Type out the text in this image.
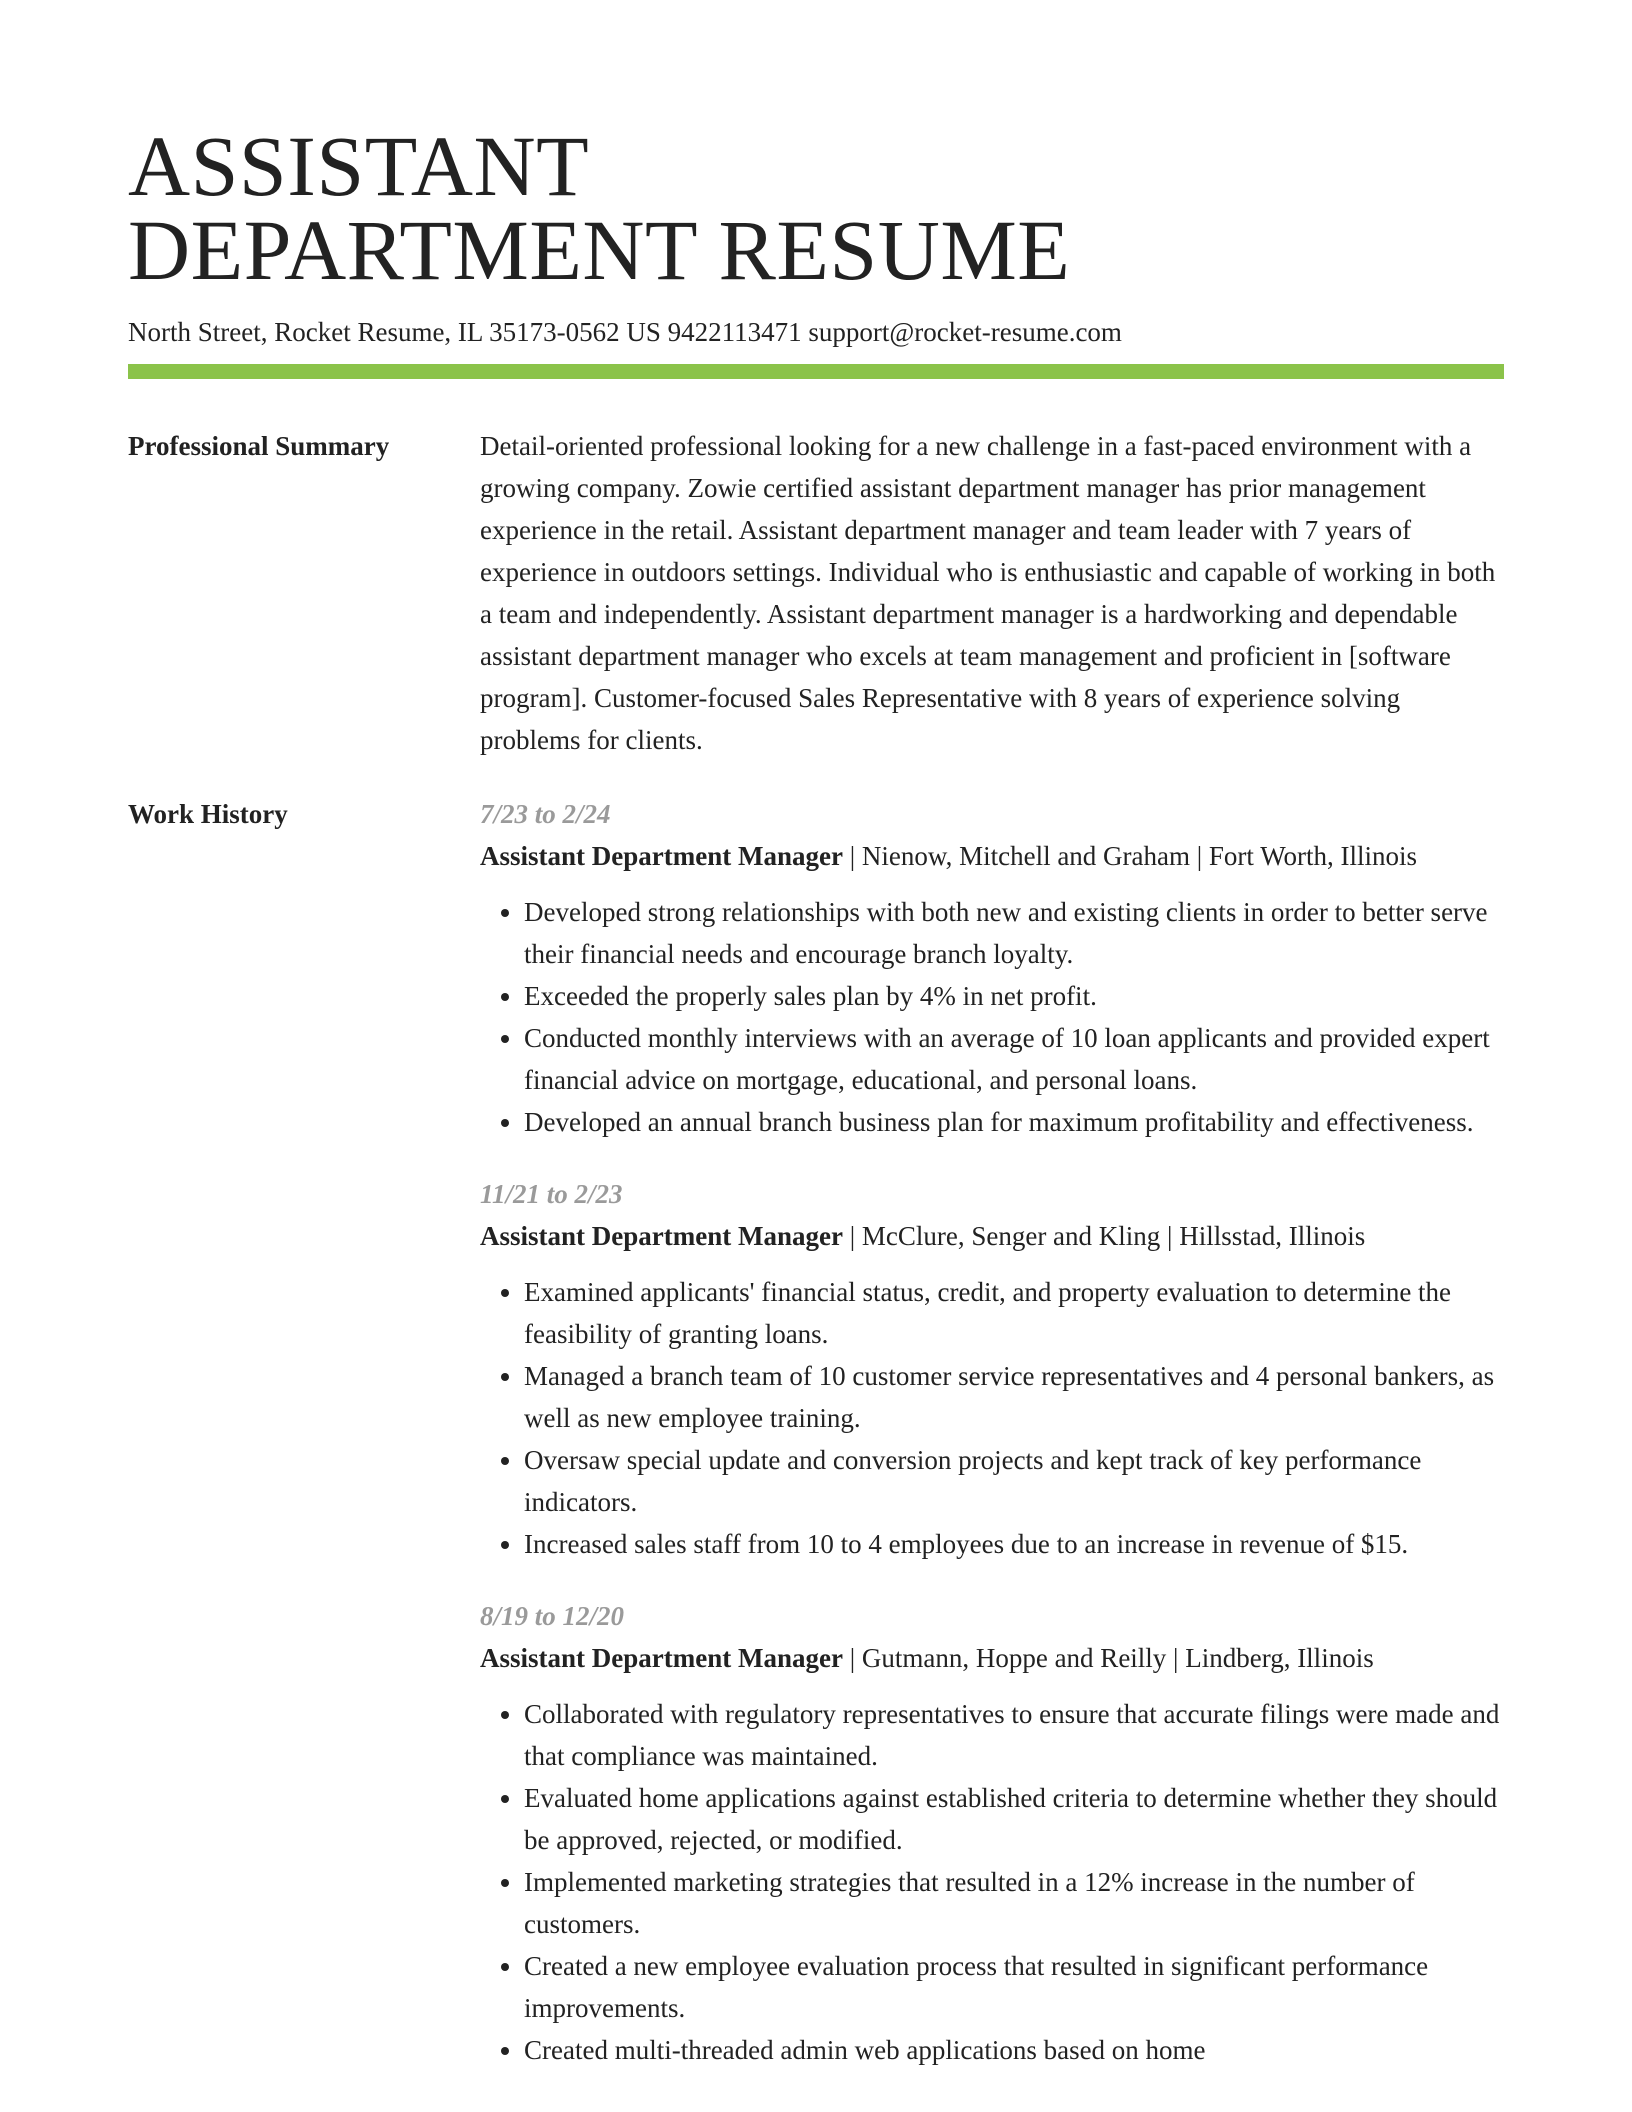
ASSISTANT
DEPARTMENT RESUME
North Street, Rocket Resume, IL 35173-0562 US 9422113471 support@rocket-resume.com
Professional Summary	Detail-oriented professional looking for a new challenge in a fast-paced environment with a growing company. Zowie certified assistant department manager has prior management experience in the retail. Assistant department manager and team leader with 7 years of experience in outdoors settings. Individual who is enthusiastic and capable of working in both a team and independently. Assistant department manager is a hardworking and dependable assistant department manager who excels at team management and proficient in [software program]. Customer-focused Sales Representative with 8 years of experience solving problems for clients.

Work History	7/23 to 2/24
Assistant Department Manager | Nienow, Mitchell and Graham | Fort Worth, Illinois
• Developed strong relationships with both new and existing clients in order to better serve their financial needs and encourage branch loyalty.
• Exceeded the properly sales plan by 4% in net profit.
• Conducted monthly interviews with an average of 10 loan applicants and provided expert financial advice on mortgage, educational, and personal loans.
• Developed an annual branch business plan for maximum profitability and effectiveness.
11/21 to 2/23
Assistant Department Manager | McClure, Senger and Kling | Hillsstad, Illinois
• Examined applicants' financial status, credit, and property evaluation to determine the feasibility of granting loans.
• Managed a branch team of 10 customer service representatives and 4 personal bankers, as well as new employee training.
• Oversaw special update and conversion projects and kept track of key performance indicators.
• Increased sales staff from 10 to 4 employees due to an increase in revenue of $15.
8/19 to 12/20
Assistant Department Manager | Gutmann, Hoppe and Reilly | Lindberg, Illinois
• Collaborated with regulatory representatives to ensure that accurate filings were made and that compliance was maintained.
• Evaluated home applications against established criteria to determine whether they should be approved, rejected, or modified.
• Implemented marketing strategies that resulted in a 12% increase in the number of customers.
• Created a new employee evaluation process that resulted in significant performance improvements.
• Created multi-threaded admin web applications based on home
